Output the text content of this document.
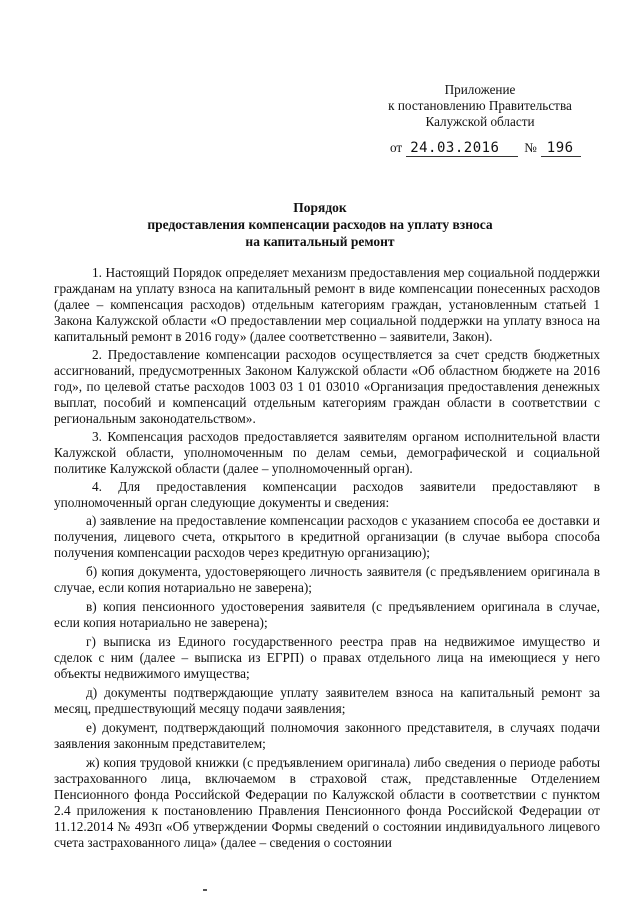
Приложение
к постановлению Правительства
Калужской области
от 24.03.2016 № 196
Порядок
предоставления компенсации расходов на уплату взноса
на капитальный ремонт

1. Настоящий Порядок определяет механизм предоставления мер социальной поддержки гражданам на уплату взноса на капитальный ремонт в виде компенсации понесенных расходов (далее – компенсация расходов) отдельным категориям граждан, установленным статьей 1 Закона Калужской области «О предоставлении мер социальной поддержки на уплату взноса на капитальный ремонт в 2016 году» (далее соответственно – заявители, Закон).

2. Предоставление компенсации расходов осуществляется за счет средств бюджетных ассигнований, предусмотренных Законом Калужской области «Об областном бюджете на 2016 год», по целевой статье расходов 1003 03 1 01 03010 «Организация предоставления денежных выплат, пособий и компенсаций отдельным категориям граждан области в соответствии с региональным законодательством».

3. Компенсация расходов предоставляется заявителям органом исполнительной власти Калужской области, уполномоченным по делам семьи, демографической и социальной политике Калужской области (далее – уполномоченный орган).

4. Для предоставления компенсации расходов заявители предоставляют в уполномоченный орган следующие документы и сведения:

а) заявление на предоставление компенсации расходов с указанием способа ее доставки и получения, лицевого счета, открытого в кредитной организации (в случае выбора способа получения компенсации расходов через кредитную организацию);

б) копия документа, удостоверяющего личность заявителя (с предъявлением оригинала в случае, если копия нотариально не заверена);

в) копия пенсионного удостоверения заявителя (с предъявлением оригинала в случае, если копия нотариально не заверена);

г) выписка из Единого государственного реестра прав на недвижимое имущество и сделок с ним (далее – выписка из ЕГРП) о правах отдельного лица на имеющиеся у него объекты недвижимого имущества;

д) документы подтверждающие уплату заявителем взноса на капитальный ремонт за месяц, предшествующий месяцу подачи заявления;

е) документ, подтверждающий полномочия законного представителя, в случаях подачи заявления законным представителем;

ж) копия трудовой книжки (с предъявлением оригинала) либо сведения о периоде работы застрахованного лица, включаемом в страховой стаж, представленные Отделением Пенсионного фонда Российской Федерации по Калужской области в соответствии с пунктом 2.4 приложения к постановлению Правления Пенсионного фонда Российской Федерации от 11.12.2014 № 493п «Об утверждении Формы сведений о состоянии индивидуального лицевого счета застрахованного лица» (далее – сведения о состоянии
